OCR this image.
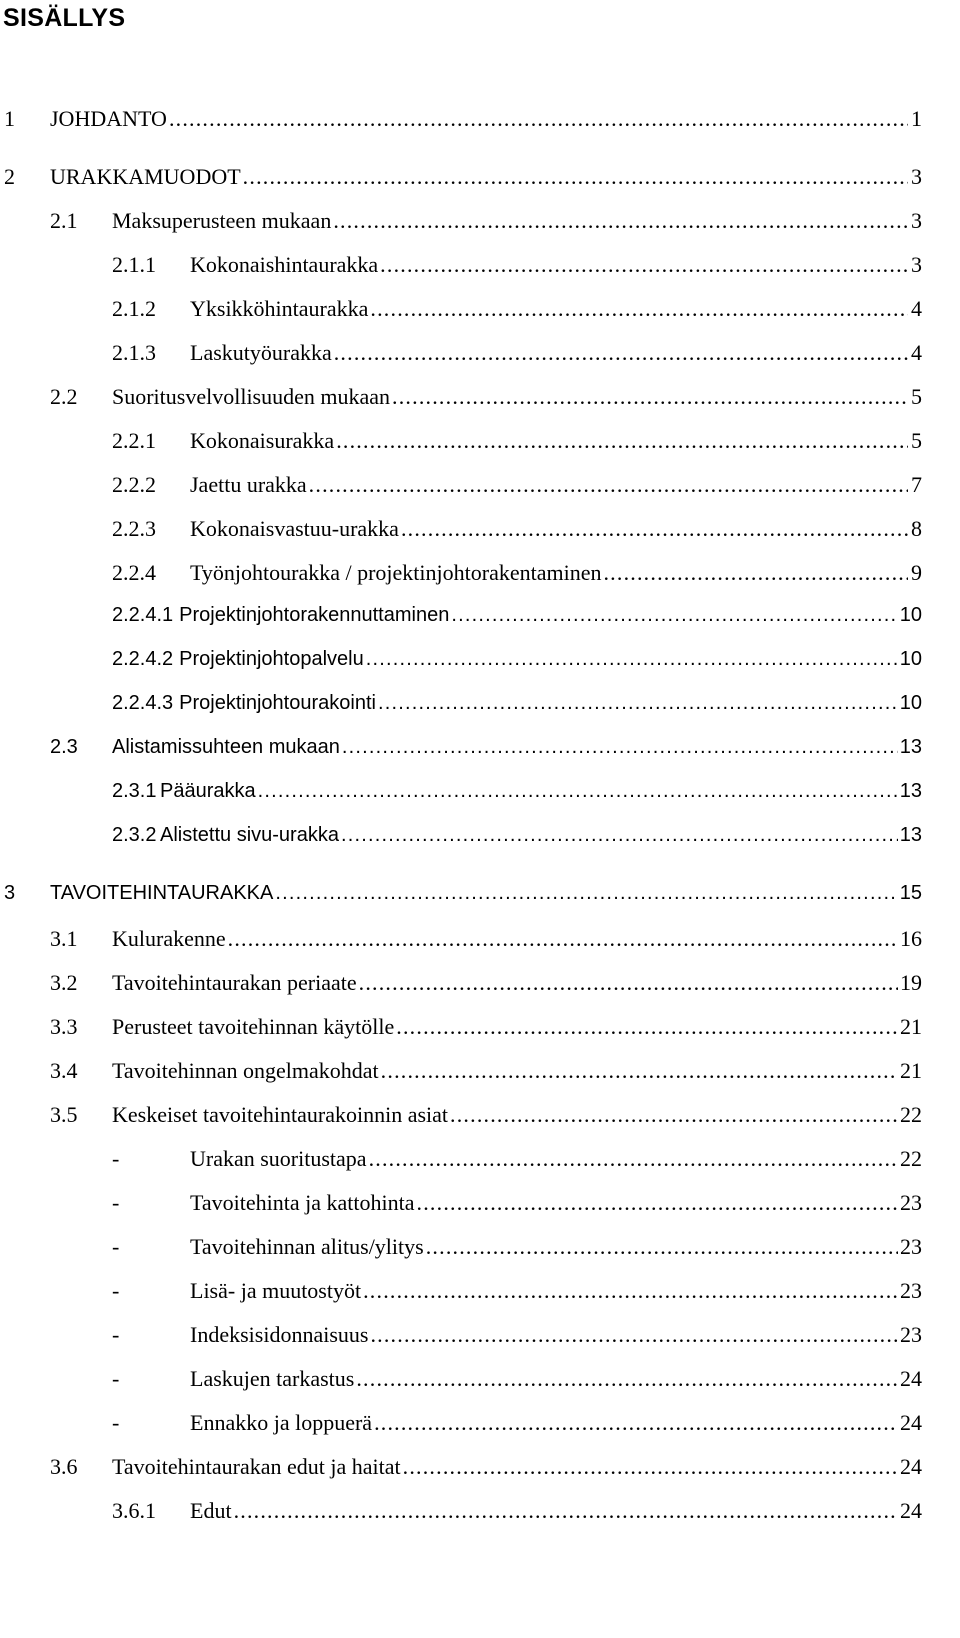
SISÄLLYS
1	JOHDANTO .....	1
2	URAKKAMUODOT .....	3
2.1	Maksuperusteen mukaan .....	3
2.1.1	Kokonaishintaurakka .....	3
2.1.2	Yksikköhintaurakka .....	4
2.1.3	Laskutyöurakka .....	4
2.2	Suoritusvelvollisuuden mukaan .....	5
2.2.1	Kokonaisurakka .....	5
2.2.2	Jaettu urakka .....	7
2.2.3	Kokonaisvastuu-urakka .....	8
2.2.4	Työnjohtourakka / projektinjohtorakentaminen .....	9
2.2.4.1 Projektinjohtorakennuttaminen .....	10
2.2.4.2 Projektinjohtopalvelu .....	10
2.2.4.3 Projektinjohtourakointi .....	10
2.3	Alistamissuhteen mukaan .....	13
2.3.1 Pääurakka .....	13
2.3.2 Alistettu sivu-urakka .....	13
3	TAVOITEHINTAURAKKA .....	15
3.1	Kulurakenne .....	16
3.2	Tavoitehintaurakan periaate .....	19
3.3	Perusteet tavoitehinnan käytölle .....	21
3.4	Tavoitehinnan ongelmakohdat .....	21
3.5	Keskeiset tavoitehintaurakoinnin asiat .....	22
-	Urakan suoritustapa .....	22
-	Tavoitehinta ja kattohinta .....	23
-	Tavoitehinnan alitus/ylitys .....	23
-	Lisä- ja muutostyöt .....	23
-	Indeksisidonnaisuus .....	23
-	Laskujen tarkastus .....	24
-	Ennakko ja loppuerä .....	24
3.6	Tavoitehintaurakan edut ja haitat .....	24
3.6.1	Edut .....	24
